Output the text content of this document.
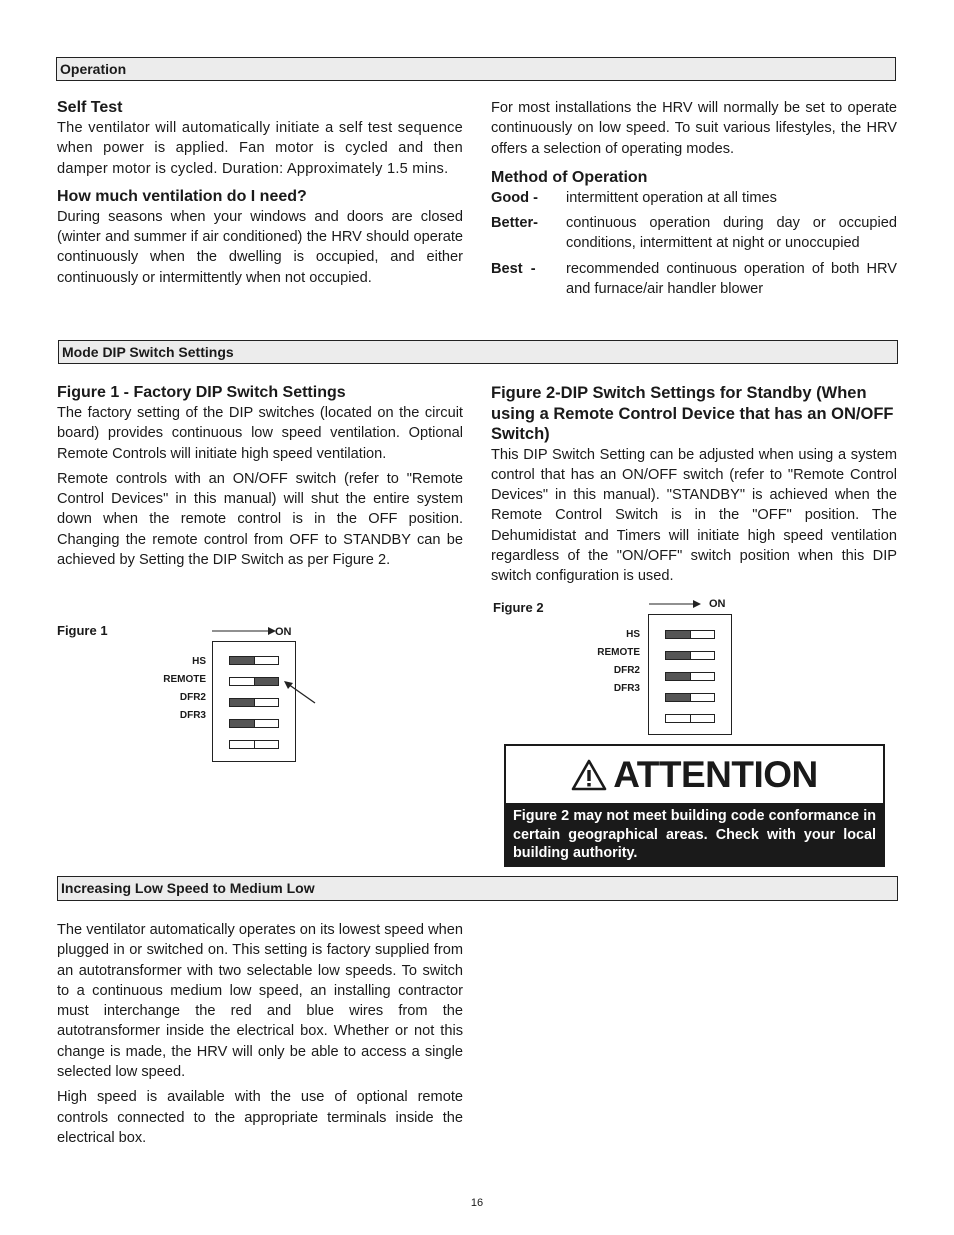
Operation
Self Test

The ventilator will automatically initiate a self test sequence when power is applied. Fan motor is cycled and then damper motor is cycled. Duration: Approximately 1.5 mins.

How much ventilation do I need?

During seasons when your windows and doors are closed (winter and summer if air conditioned) the HRV should operate continuously when the dwelling is occupied, and either continuously or intermittently when not occupied.

For most installations the HRV will normally be set to operate continuously on low speed. To suit various lifestyles, the HRV offers a selection of operating modes.

Method of Operation
Good -	intermittent operation at all times
Better-	continuous operation during day or occupied conditions, intermittent at night or unoccupied
Best  -	recommended continuous operation of both HRV and furnace/air handler blower
Mode DIP Switch Settings
Figure 1 - Factory DIP Switch Settings

The factory setting of the DIP switches (located on the circuit board) provides continuous low speed ventilation. Optional Remote Controls will initiate high speed ventilation.

Remote controls with an ON/OFF switch (refer to "Remote Control Devices" in this manual) will shut the entire system down when the remote control is in the OFF position. Changing the remote control from OFF to STANDBY can be achieved by Setting the DIP Switch as per Figure 2.

Figure 2-DIP Switch Settings for Standby (When using a Remote Control Device that has an ON/OFF Switch)

This DIP Switch Setting can be adjusted when using a system control that has an ON/OFF switch (refer to "Remote Control Devices" in this manual). "STANDBY" is achieved when the Remote Control Switch is in the "OFF" position. The Dehumidistat and Timers will initiate high speed ventilation regardless of the "ON/OFF" switch position when this DIP switch configuration is used.

Figure 1	ON
HS
REMOTE
DFR2
DFR3
Figure 2	ON
HS
REMOTE
DFR2
DFR3
ATTENTION
Figure 2 may not meet building code conformance in certain geographical areas. Check with your local building authority.
Increasing Low Speed to Medium Low

The ventilator automatically operates on its lowest speed when plugged in or switched on. This setting is factory supplied from an autotransformer with two selectable low speeds. To switch to a continuous medium low speed, an installing contractor must interchange the red and blue wires from the autotransformer inside the electrical box. Whether or not this change is made, the HRV will only be able to access a single selected low speed.

High speed is available with the use of optional remote controls connected to the appropriate terminals inside the electrical box.

16
